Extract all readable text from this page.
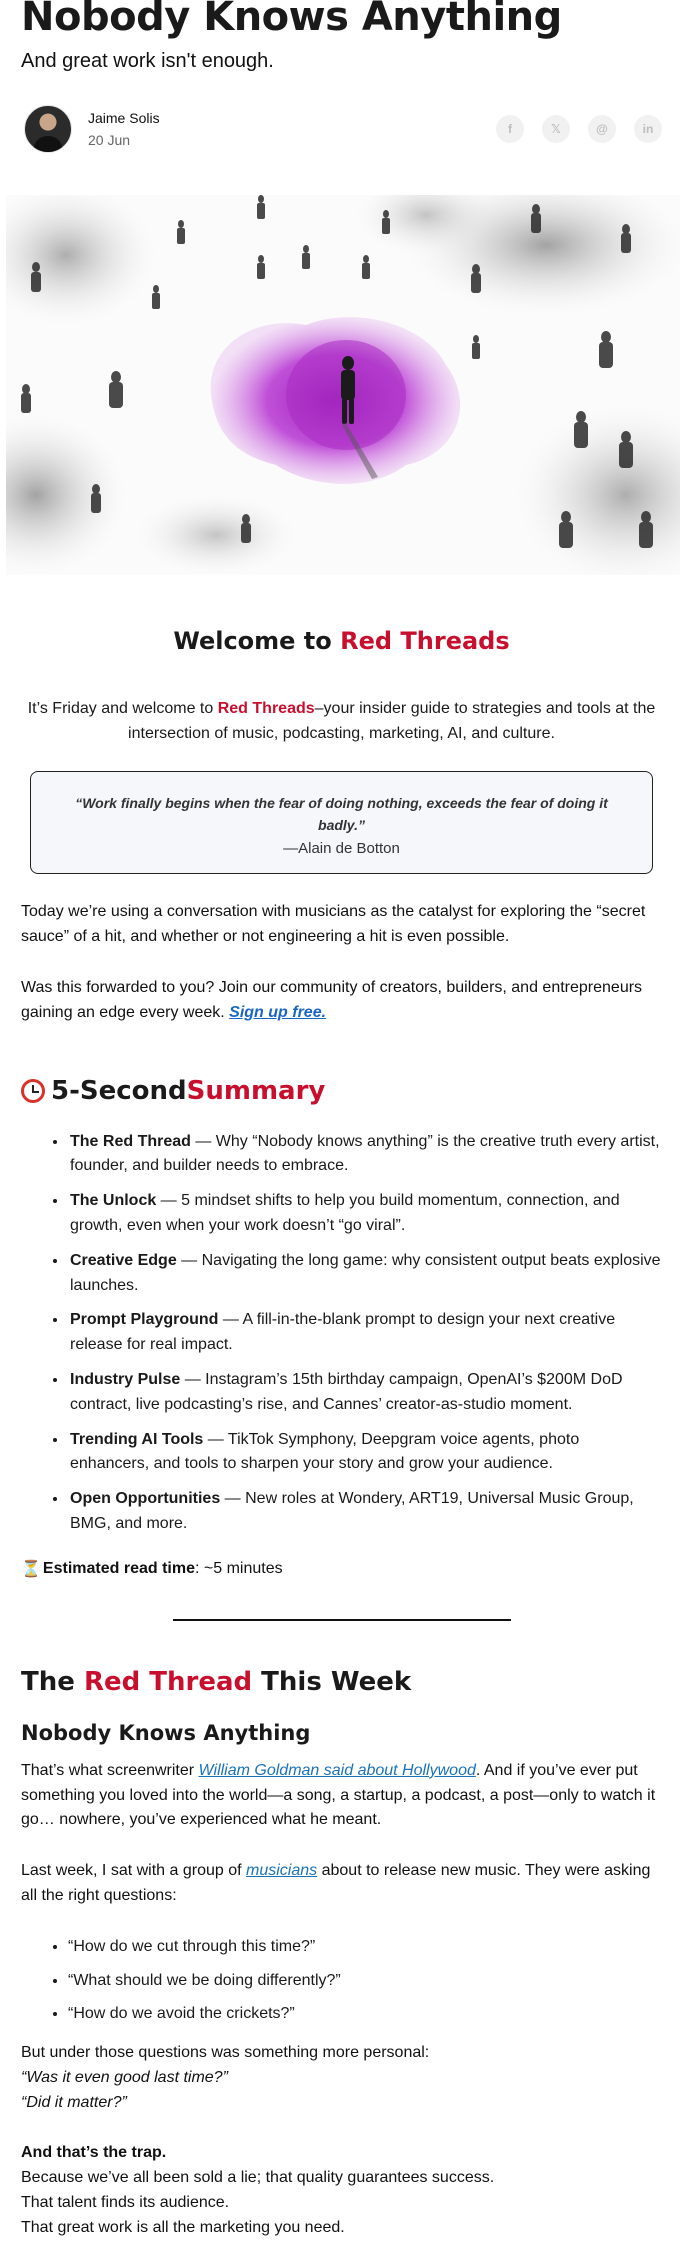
Nobody Knows Anything
And great work isn't enough.
Jaime Solis
20 Jun
f	𝕏	@	in
Welcome to Red Threads

It’s Friday and welcome to Red Threads–your insider guide to strategies and tools at the intersection of music, podcasting, marketing, AI, and culture.

“Work finally begins when the fear of doing nothing, exceeds the fear of doing it badly.”
—Alain de Botton

Today we’re using a conversation with musicians as the catalyst for exploring the “secret sauce” of a hit, and whether or not engineering a hit is even possible.

Was this forwarded to you? Join our community of creators, builders, and entrepreneurs gaining an edge every week. Sign up free.

5-Second Summary
• The Red Thread — Why “Nobody knows anything” is the creative truth every artist, founder, and builder needs to embrace.
• The Unlock — 5 mindset shifts to help you build momentum, connection, and growth, even when your work doesn’t “go viral”.
• Creative Edge — Navigating the long game: why consistent output beats explosive launches.
• Prompt Playground — A fill-in-the-blank prompt to design your next creative release for real impact.
• Industry Pulse — Instagram’s 15th birthday campaign, OpenAI’s $200M DoD contract, live podcasting’s rise, and Cannes’ creator-as-studio moment.
• Trending AI Tools — TikTok Symphony, Deepgram voice agents, photo enhancers, and tools to sharpen your story and grow your audience.
• Open Opportunities — New roles at Wondery, ART19, Universal Music Group, BMG, and more.
⏳ Estimated read time : ~5 minutes
The Red Thread This Week
Nobody Knows Anything

That’s what screenwriter William Goldman said about Hollywood. And if you’ve ever put something you loved into the world—a song, a startup, a podcast, a post—only to watch it go… nowhere, you’ve experienced what he meant.

Last week, I sat with a group of musicians about to release new music. They were asking all the right questions:

• “How do we cut through this time?”
• “What should we be doing differently?”
• “How do we avoid the crickets?”

But under those questions was something more personal:
“Was it even good last time?”
“Did it matter?”

And that’s the trap.
Because we’ve all been sold a lie; that quality guarantees success.
That talent finds its audience.
That great work is all the marketing you need.
